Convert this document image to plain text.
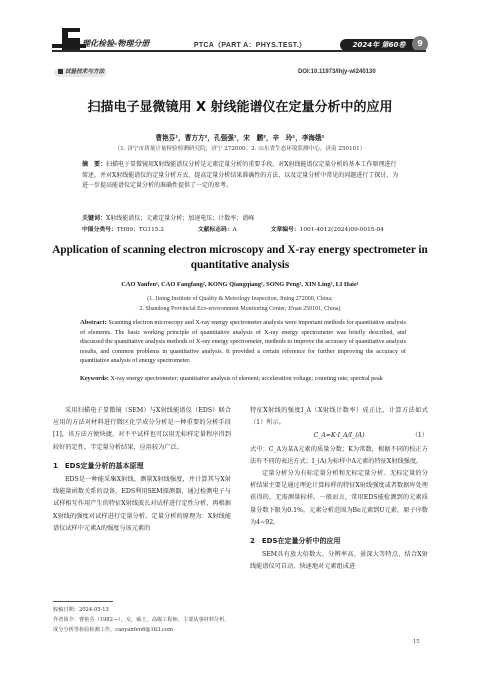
理化检验-物理分册	PTCA（PART A：PHYS.TEST.）	2024年 第60卷	9
试验技术与方法	DOI:10.11973/lhjy-wl240130
扫描电子显微镜用 X 射线能谱仪在定量分析中的应用
曹艳芬¹，曹方方²，孔强强¹，宋　鹏²，辛　玲¹，李海娥¹
（1. 济宁市质量计量检验检测研究院，济宁 272000；2. 山东省生态环境监测中心，济南 250101）
摘　要：扫描电子显微镜用X射线能谱仪分析是元素定量分析的重要手段。对X射线能谱仪定量分析的基本工作原理进行简述，并对X射线能谱仪的定量分析方式、提高定量分析结果准确性的方法，以及定量分析中常见的问题进行了探讨，为进一步提高能谱仪定量分析的准确性提供了一定的参考。
关键词：X射线能谱仪；元素定量分析；加速电压；计数率；谱峰
中图分类号：TH89；TG115.2	文献标志码：A	文章编号：1001-4012(2024)09-0015-04
Application of scanning electron microscopy and X-ray energy spectrometer in quantitative analysis
CAO Yanfen¹, CAO Fangfang², KONG Qiangqiang¹, SONG Peng², XIN Ling¹, LI Haie¹
(1. Jining Institute of Quality & Metrology Inspection, Jining 272000, China;
2. Shandong Provincial Eco-environment Monitoring Center, Ji'nan 250101, China)
Abstract: Scanning electron microscopy and X-ray energy spectrometer analysis were important methods for quantitative analysis of elements. The basic working principle of quantitative analysis of X-ray energy spectrometer was briefly described, and discussed the quantitative analysis methods of X-ray energy spectrometer, methods to improve the accuracy of quantitative analysis results, and common problems in quantitative analysis. It provided a certain reference for further improving the accuracy of quantitative analysis of energy spectrometer.
Keywords: X-ray energy spectrometer; quantitative analysis of element; acceleration voltage; counting rate; spectral peak

采用扫描电子显微镜（SEM）与X射线能谱仪（EDS）联合应用的方法对材料进行微区化学成分分析是一种重要的分析手段[1]，该方法方便快捷，对不平试样也可以用无标样定量程序得到较好的定性、半定量分析结果，应用较为广泛。

1　EDS定量分析的基本原理

EDS是一种能采集X射线、测量X射线强度，并计算其与X射线能量函数关系的设备。EDS利用SEM探测器，通过检测电子与试样相互作用产生的特征X射线波长对试样进行定性分析，再根据X射线的强度对试样进行定量分析。定量分析的原理为：X射线能谱仪试样中元素A的强度与该元素的

特征X射线的强度I_A（X射线计数率）成正比，计算方法如式（1）所示。

C_A=K·I_A/I_(A)	（1）

式中：C_A为某A元素的质量分数；K为常数，根据不同的校正方法有不同的表达方式；I_(A)为标样中A元素的特征X射线强度。

定量分析分为有标定量分析和无标定量分析。无标定量的分析结果主要是通过理论计算标样的特征X射线强度或者数据库处理获得的，无需测量标样。一般而言，常用EDS能检测到的元素质量分数下限为0.1%。元素分析范围为Be元素到U元素，原子序数为4~92。

2　EDS在定量分析中的应用

SEM具有放大倍数大、分辨率高、景深大等特点，结合X射线能谱仪可自动、快速地对元素组成进

收稿日期：2024-05-13
作者简介：曹艳芬（1982—），女，硕士，高级工程师，主要从事材料分析、成分分析等检验检测工作，caoyanfen6@163.com
15
